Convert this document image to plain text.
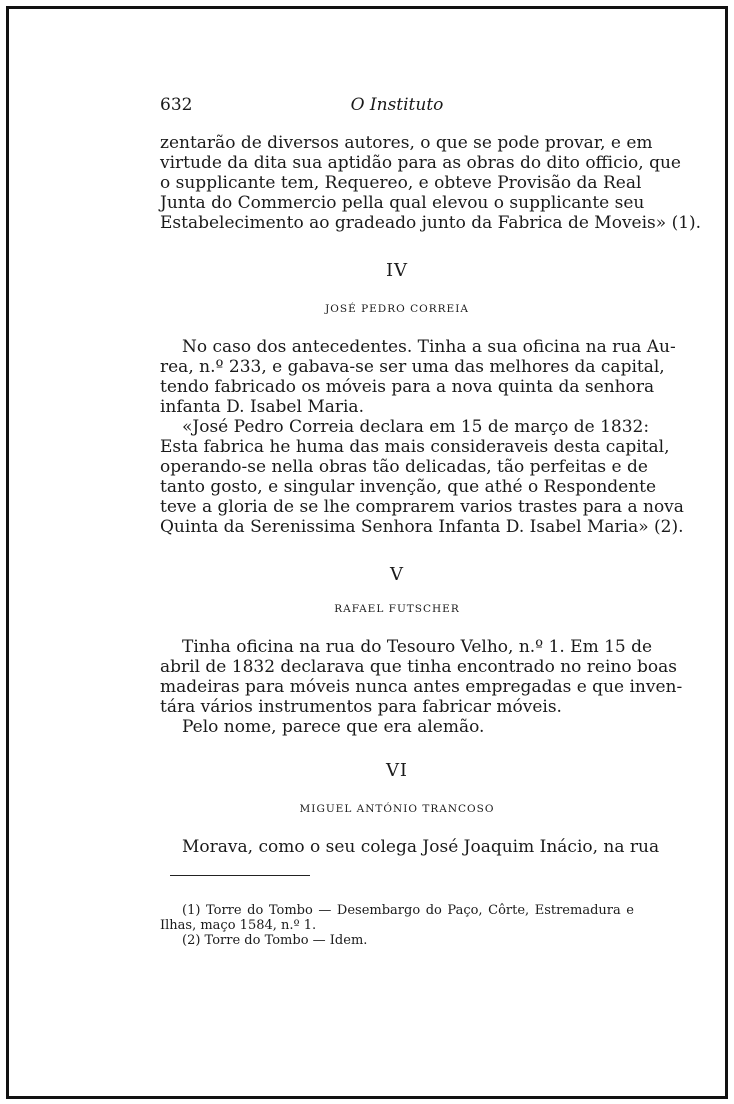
632	O Instituto
zentarão de diversos autores, o que se pode provar, e em
virtude da dita sua aptidão para as obras do dito officio, que
o supplicante tem, Requereo, e obteve Provisão da Real
Junta do Commercio pella qual elevou o supplicante seu
Estabelecimento ao gradeado junto da Fabrica de Moveis» (1).
IV
JOSÉ PEDRO CORREIA
No caso dos antecedentes. Tinha a sua oficina na rua Au-
rea, n.º 233, e gabava-se ser uma das melhores da capital,
tendo fabricado os móveis para a nova quinta da senhora
infanta D. Isabel Maria.
«José Pedro Correia declara em 15 de março de 1832:
Esta fabrica he huma das mais consideraveis desta capital,
operando-se nella obras tão delicadas, tão perfeitas e de
tanto gosto, e singular invenção, que athé o Respondente
teve a gloria de se lhe comprarem varios trastes para a nova
Quinta da Serenissima Senhora Infanta D. Isabel Maria» (2).
V
RAFAEL FUTSCHER
Tinha oficina na rua do Tesouro Velho, n.º 1. Em 15 de
abril de 1832 declarava que tinha encontrado no reino boas
madeiras para móveis nunca antes empregadas e que inven-
tára vários instrumentos para fabricar móveis.
Pelo nome, parece que era alemão.
VI
MIGUEL ANTÓNIO TRANCOSO
Morava, como o seu colega José Joaquim Inácio, na rua
(1) Torre do Tombo — Desembargo do Paço, Côrte, Estremadura e
Ilhas, maço 1584, n.º 1.
(2) Torre do Tombo — Idem.
